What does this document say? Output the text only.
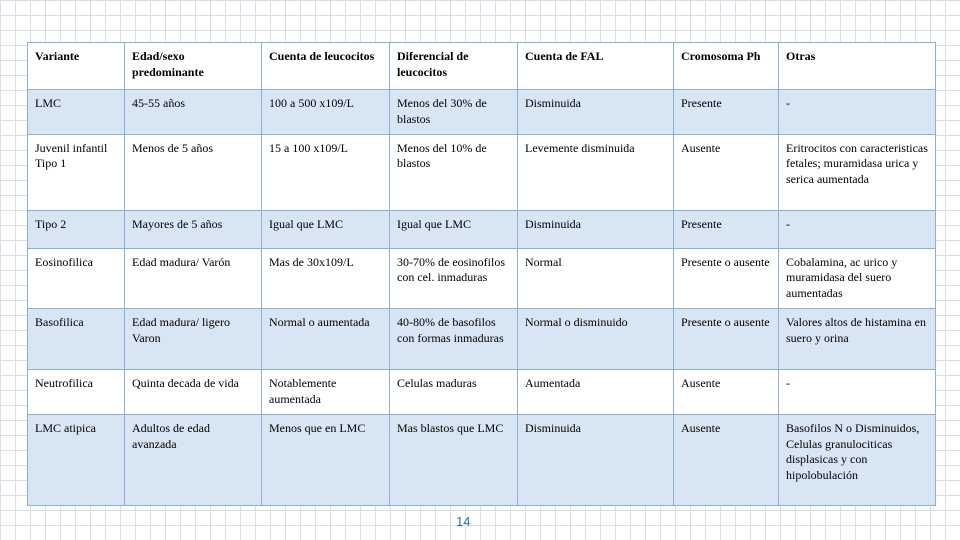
Variante	Edad/sexo predominante	Cuenta de leucocitos	Diferencial de leucocitos	Cuenta de FAL	Cromosoma Ph	Otras
LMC	45-55 años	100 a 500 x109/L	Menos del 30% de blastos	Disminuida	Presente	-
Juvenil infantil Tipo 1	Menos de 5 años	15 a 100 x109/L	Menos del 10% de blastos	Levemente disminuida	Ausente	Eritrocitos con caracteristicas fetales; muramidasa urica y serica aumentada
Tipo 2	Mayores de 5 años	Igual que LMC	Igual que LMC	Disminuida	Presente	-
Eosinofilica	Edad madura/ Varón	Mas de 30x109/L	30-70% de eosinofilos con cel. inmaduras	Normal	Presente o ausente	Cobalamina, ac urico y muramidasa del suero aumentadas
Basofilica	Edad madura/ ligero Varon	Normal o aumentada	40-80% de basofilos con formas inmaduras	Normal o disminuido	Presente o ausente	Valores altos de histamina en suero y orina
Neutrofilica	Quinta decada de vida	Notablemente aumentada	Celulas maduras	Aumentada	Ausente	-
LMC atipica	Adultos de edad avanzada	Menos que en LMC	Mas blastos que LMC	Disminuida	Ausente	Basofilos N o Disminuidos, Celulas granulociticas displasicas y con hipolobulación
14
